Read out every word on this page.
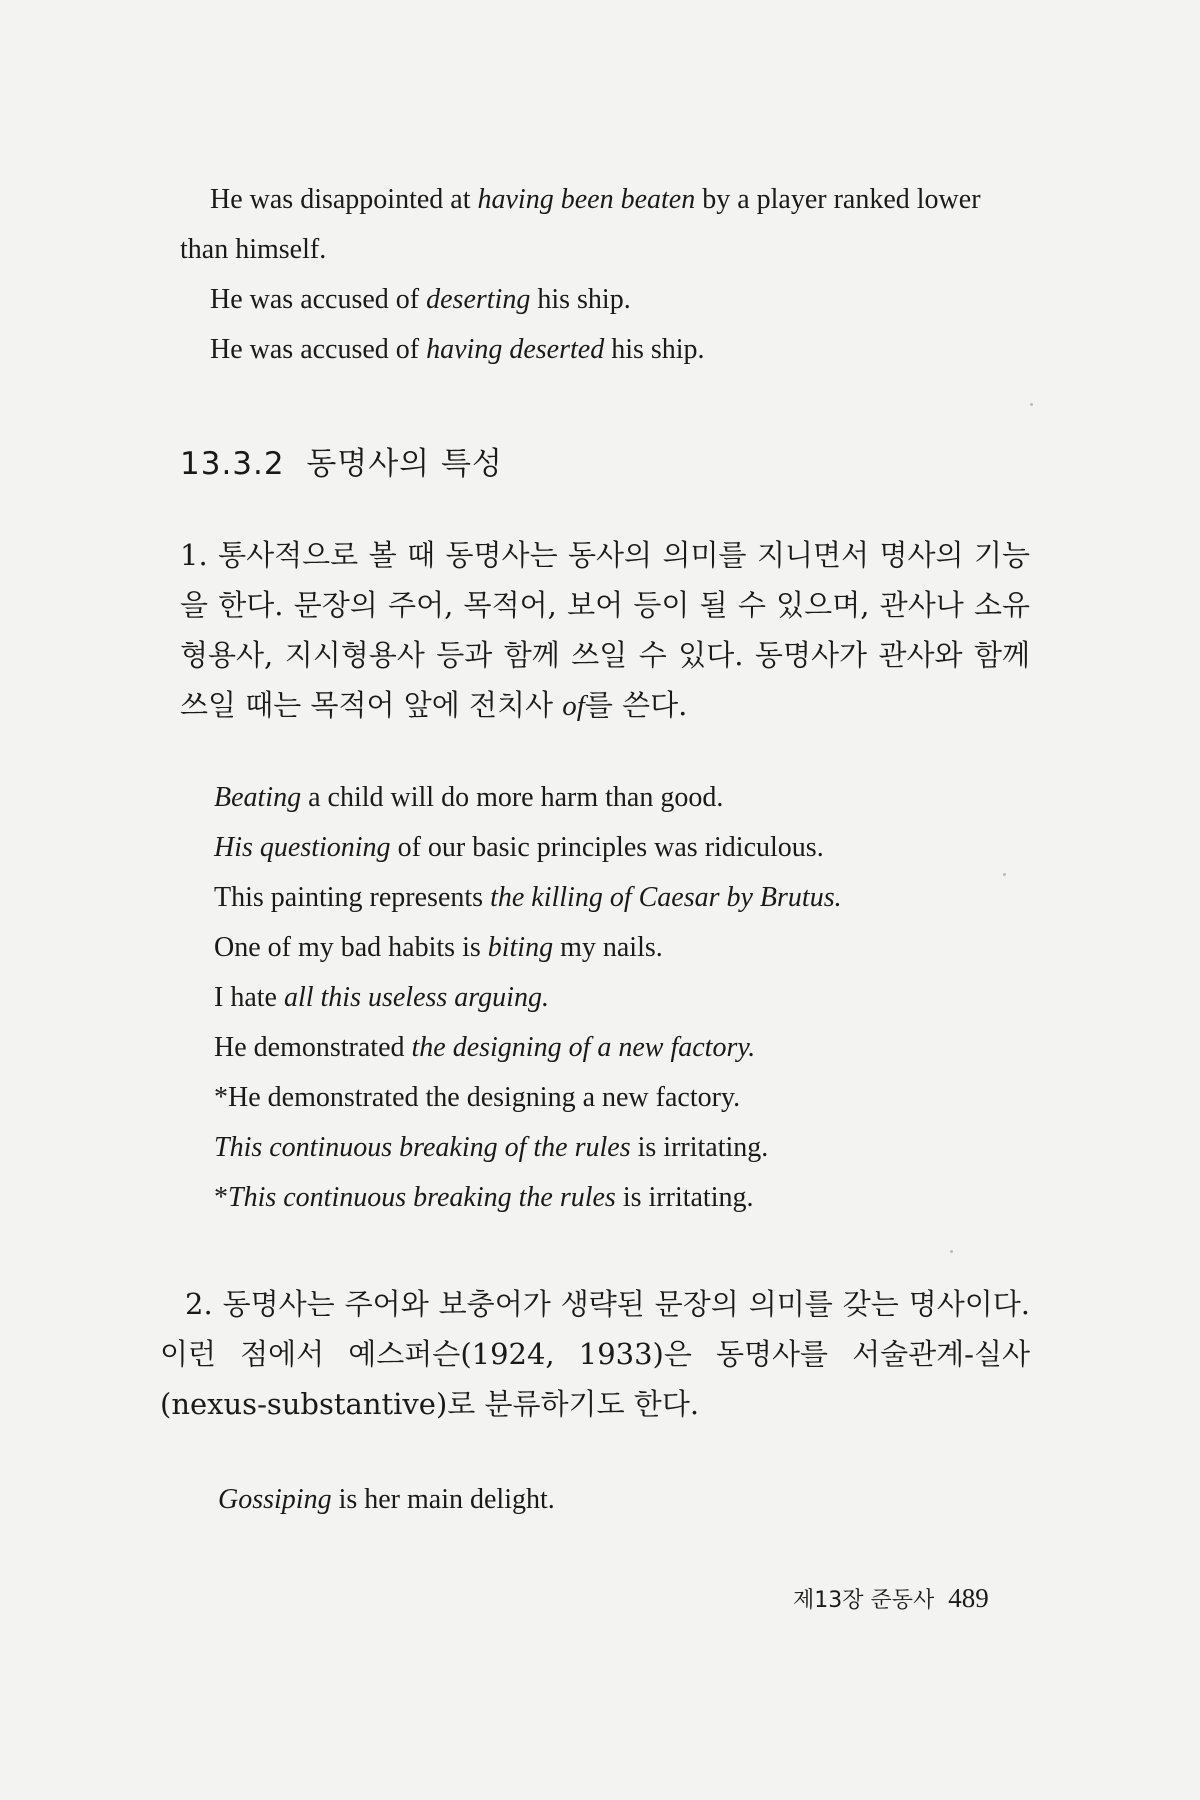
He was disappointed at having been beaten by a player ranked lower
than himself.
He was accused of deserting his ship.
He was accused of having deserted his ship.
13.3.2 동명사의 특성
1. 통사적으로 볼 때 동명사는 동사의 의미를 지니면서 명사의 기능을 한다. 문장의 주어, 목적어, 보어 등이 될 수 있으며, 관사나 소유형용사, 지시형용사 등과 함께 쓰일 수 있다. 동명사가 관사와 함께 쓰일 때는 목적어 앞에 전치사 of를 쓴다.
Beating a child will do more harm than good.
His questioning of our basic principles was ridiculous.
This painting represents the killing of Caesar by Brutus.
One of my bad habits is biting my nails.
I hate all this useless arguing.
He demonstrated the designing of a new factory.
*He demonstrated the designing a new factory.
This continuous breaking of the rules is irritating.
*This continuous breaking the rules is irritating.
2. 동명사는 주어와 보충어가 생략된 문장의 의미를 갖는 명사이다. 이런 점에서 예스퍼슨(1924, 1933)은 동명사를 서술관계-실사(nexus-substantive)로 분류하기도 한다.
Gossiping is her main delight.
제13장 준동사 489
